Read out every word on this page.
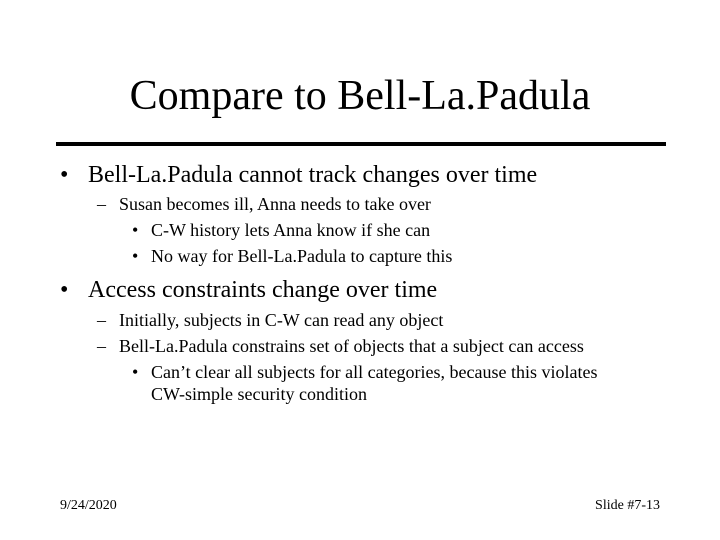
Compare to Bell-La.Padula
• Bell-La.Padula cannot track changes over time
– Susan becomes ill, Anna needs to take over
• C-W history lets Anna know if she can
• No way for Bell-La.Padula to capture this
• Access constraints change over time
– Initially, subjects in C-W can read any object
– Bell-La.Padula constrains set of objects that a subject can access
• Can’t clear all subjects for all categories, because this violates
CW-simple security condition
9/24/2020	Slide #7-13
